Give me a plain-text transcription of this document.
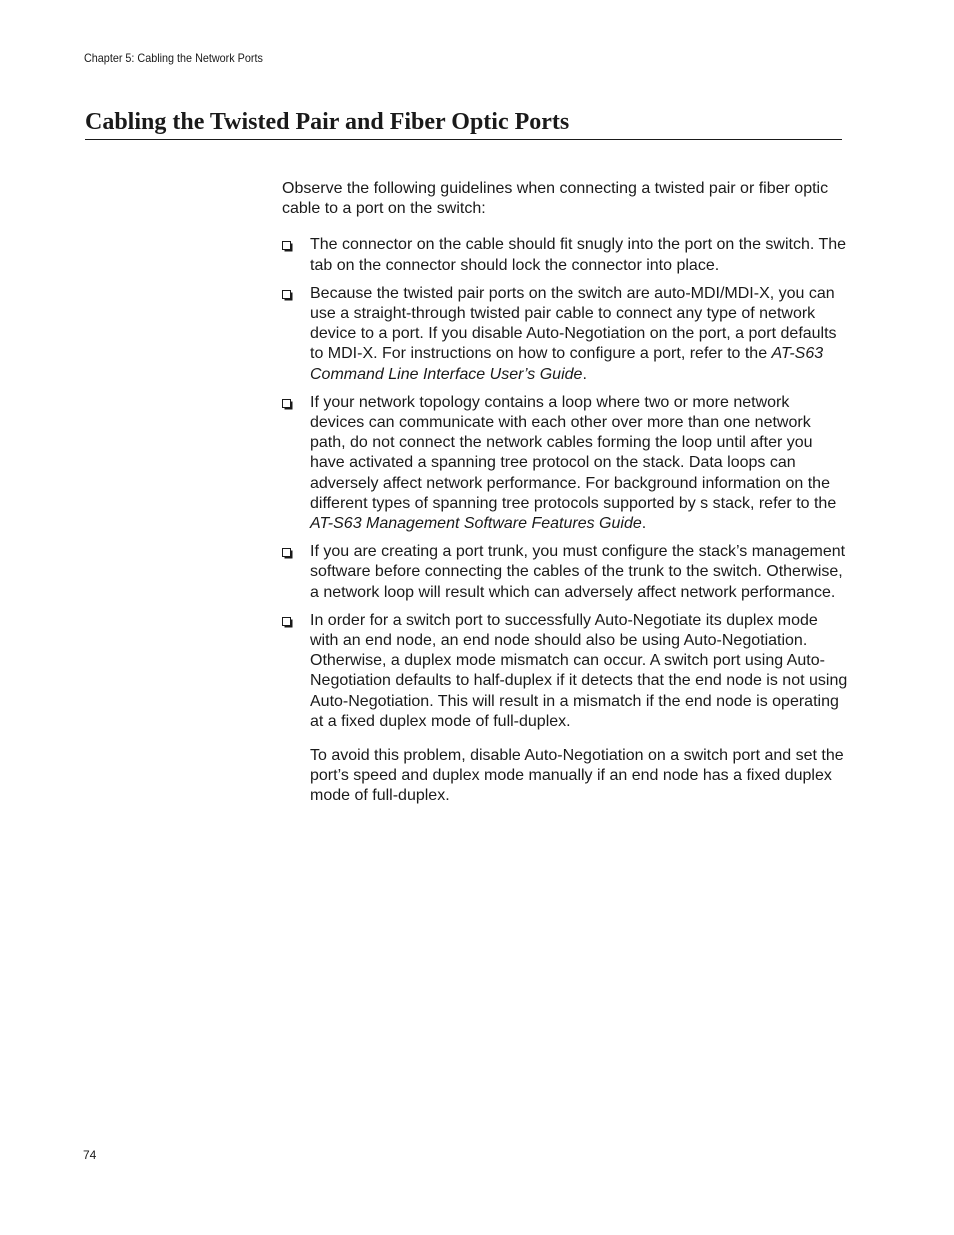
Chapter 5: Cabling the Network Ports
Cabling the Twisted Pair and Fiber Optic Ports

Observe the following guidelines when connecting a twisted pair or fiber optic cable to a port on the switch:

The connector on the cable should fit snugly into the port on the switch. The tab on the connector should lock the connector into place.
Because the twisted pair ports on the switch are auto-MDI/MDI-X, you can use a straight-through twisted pair cable to connect any type of network device to a port. If you disable Auto-Negotiation on the port, a port defaults to MDI-X. For instructions on how to configure a port, refer to the AT-S63 Command Line Interface User’s Guide.
If your network topology contains a loop where two or more network devices can communicate with each other over more than one network path, do not connect the network cables forming the loop until after you have activated a spanning tree protocol on the stack. Data loops can adversely affect network performance. For background information on the different types of spanning tree protocols supported by s stack, refer to the AT-S63 Management Software Features Guide.
If you are creating a port trunk, you must configure the stack’s management software before connecting the cables of the trunk to the switch. Otherwise, a network loop will result which can adversely affect network performance.
In order for a switch port to successfully Auto-Negotiate its duplex mode with an end node, an end node should also be using Auto-Negotiation. Otherwise, a duplex mode mismatch can occur. A switch port using Auto-Negotiation defaults to half-duplex if it detects that the end node is not using Auto-Negotiation. This will result in a mismatch if the end node is operating at a fixed duplex mode of full-duplex.

To avoid this problem, disable Auto-Negotiation on a switch port and set the port’s speed and duplex mode manually if an end node has a fixed duplex mode of full-duplex.

74
